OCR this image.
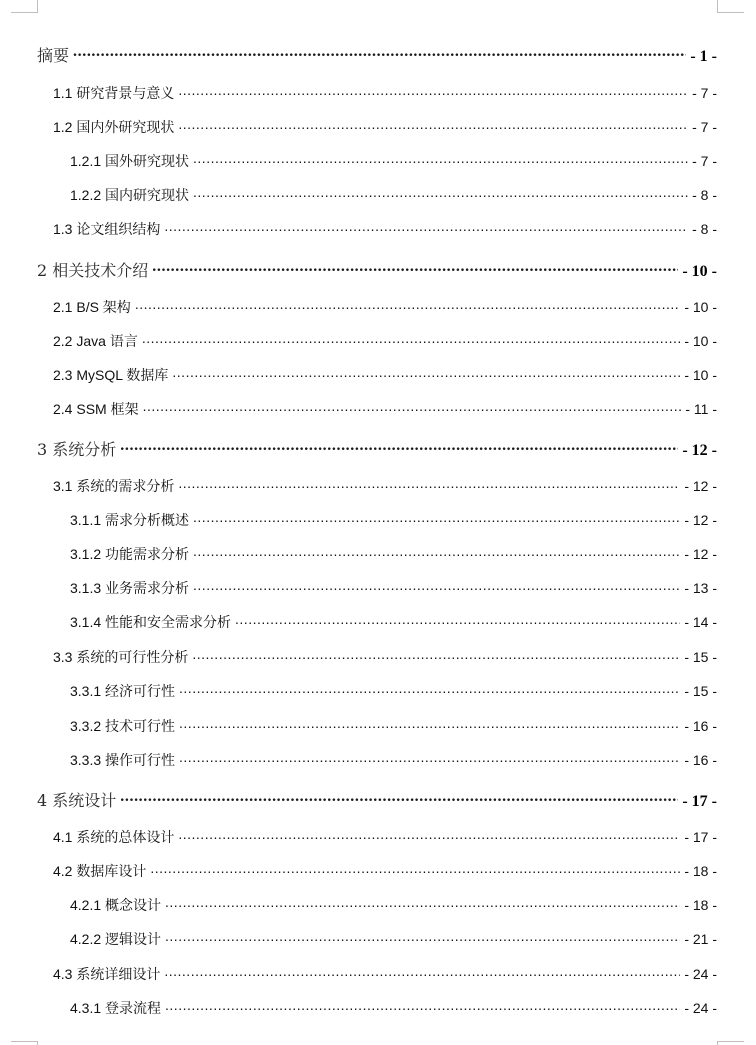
摘要 .....	- 1 -
1.1 研究背景与意义 .....	- 7 -
1.2 国内外研究现状 .....	- 7 -
1.2.1 国外研究现状 .....	- 7 -
1.2.2 国内研究现状 .....	- 8 -
1.3 论文组织结构 .....	- 8 -
2 相关技术介绍 .....	- 10 -
2.1 B/S 架构 .....	- 10 -
2.2 Java 语言 .....	- 10 -
2.3 MySQL 数据库 .....	- 10 -
2.4 SSM 框架 .....	- 11 -
3 系统分析 .....	- 12 -
3.1 系统的需求分析 .....	- 12 -
3.1.1 需求分析概述 .....	- 12 -
3.1.2 功能需求分析 .....	- 12 -
3.1.3 业务需求分析 .....	- 13 -
3.1.4 性能和安全需求分析 .....	- 14 -
3.3 系统的可行性分析 .....	- 15 -
3.3.1 经济可行性 .....	- 15 -
3.3.2 技术可行性 .....	- 16 -
3.3.3 操作可行性 .....	- 16 -
4 系统设计 .....	- 17 -
4.1 系统的总体设计 .....	- 17 -
4.2 数据库设计 .....	- 18 -
4.2.1 概念设计 .....	- 18 -
4.2.2 逻辑设计 .....	- 21 -
4.3 系统详细设计 .....	- 24 -
4.3.1 登录流程 .....	- 24 -
